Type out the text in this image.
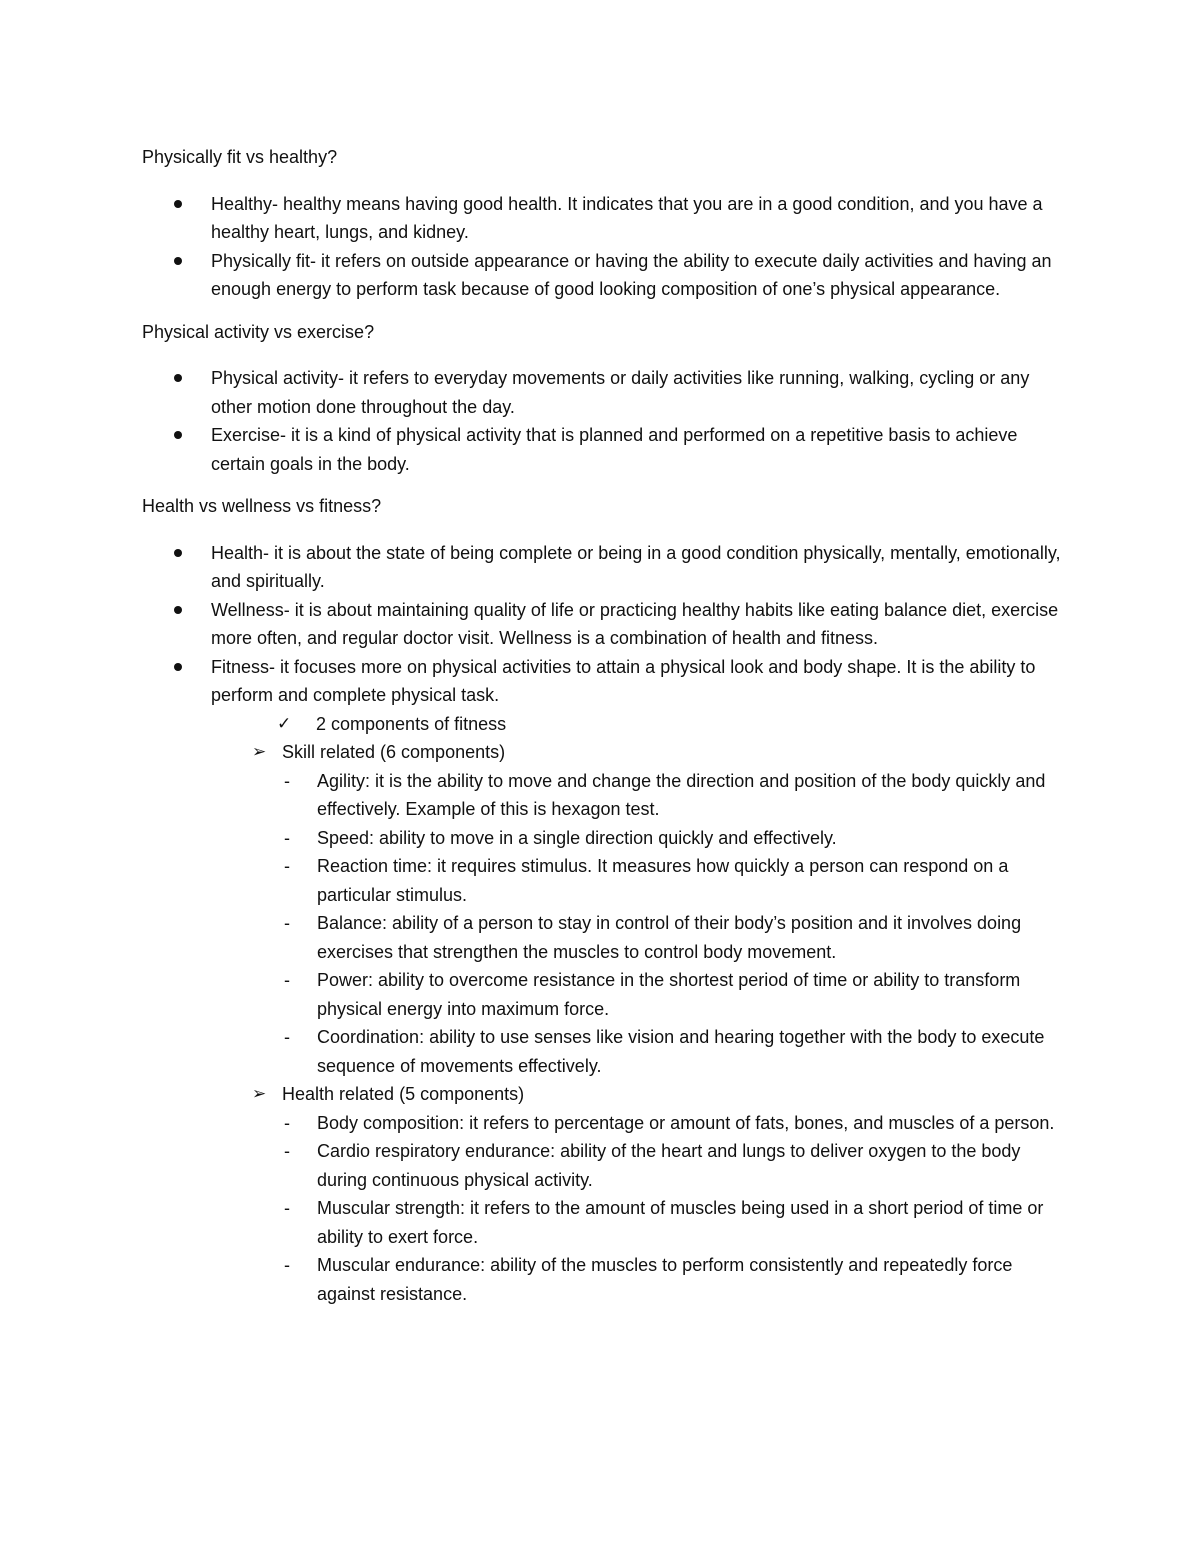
Physically fit vs healthy?
Healthy- healthy means having good health. It indicates that you are in a good condition, and you have a healthy heart, lungs, and kidney.
Physically fit- it refers on outside appearance or having the ability to execute daily activities and having an enough energy to perform task because of good looking composition of one’s physical appearance.
Physical activity vs exercise?
Physical activity- it refers to everyday movements or daily activities like running, walking, cycling or any other motion done throughout the day.
Exercise- it is a kind of physical activity that is planned and performed on a repetitive basis to achieve certain goals in the body.
Health vs wellness vs fitness?
Health- it is about the state of being complete or being in a good condition physically, mentally, emotionally, and spiritually.
Wellness- it is about maintaining quality of life or practicing healthy habits like eating balance diet, exercise more often, and regular doctor visit. Wellness is a combination of health and fitness.
Fitness- it focuses more on physical activities to attain a physical look and body shape. It is the ability to perform and complete physical task.
✓ 2 components of fitness
➢ Skill related (6 components)
- Agility: it is the ability to move and change the direction and position of the body quickly and effectively. Example of this is hexagon test.
- Speed: ability to move in a single direction quickly and effectively.
- Reaction time: it requires stimulus. It measures how quickly a person can respond on a particular stimulus.
- Balance: ability of a person to stay in control of their body’s position and it involves doing exercises that strengthen the muscles to control body movement.
- Power: ability to overcome resistance in the shortest period of time or ability to transform physical energy into maximum force.
- Coordination: ability to use senses like vision and hearing together with the body to execute sequence of movements effectively.
➢ Health related (5 components)
- Body composition: it refers to percentage or amount of fats, bones, and muscles of a person.
- Cardio respiratory endurance: ability of the heart and lungs to deliver oxygen to the body during continuous physical activity.
- Muscular strength: it refers to the amount of muscles being used in a short period of time or ability to exert force.
- Muscular endurance: ability of the muscles to perform consistently and repeatedly force against resistance.
